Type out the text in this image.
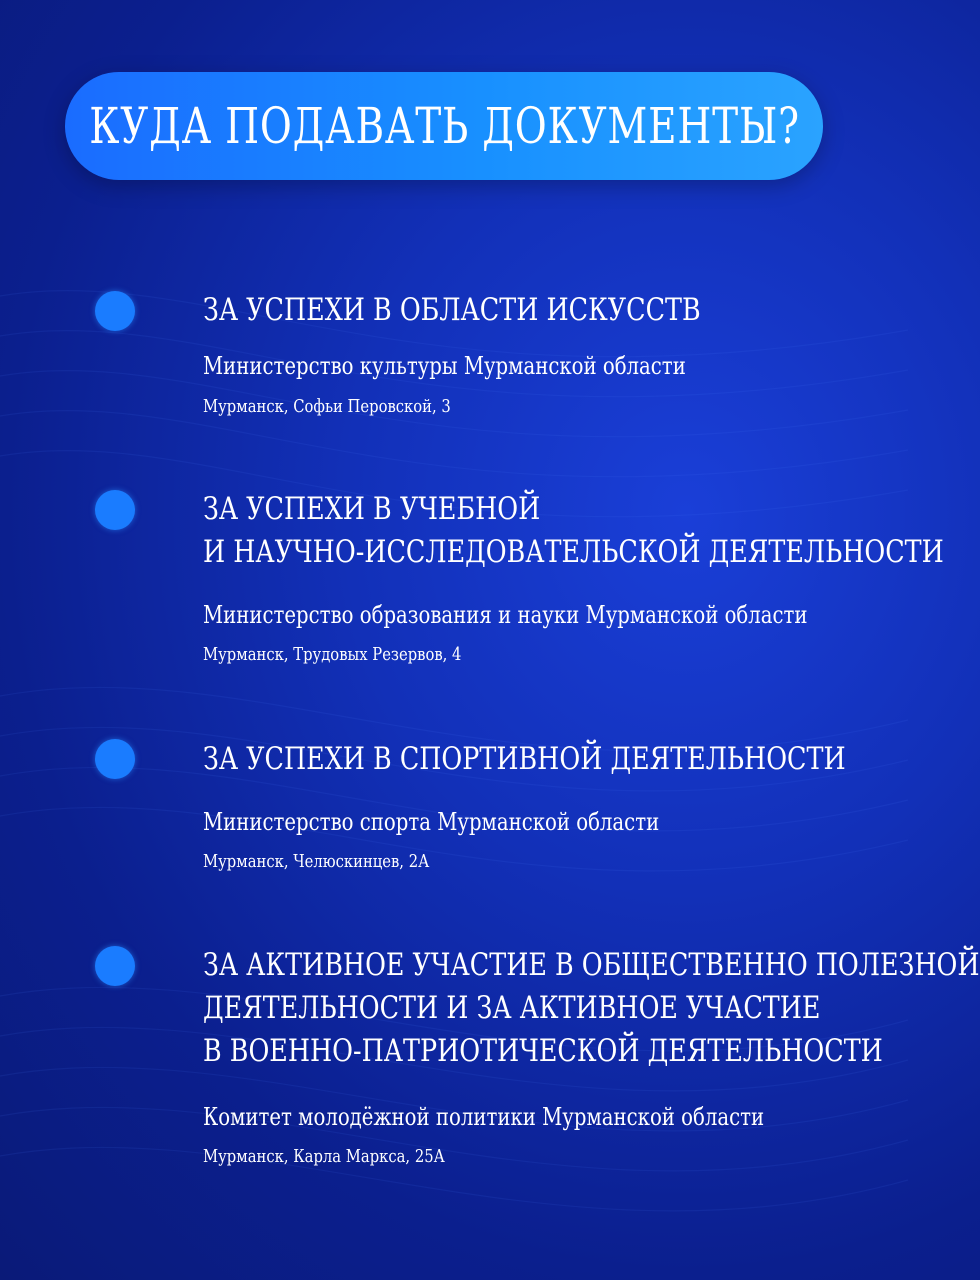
КУДА ПОДАВАТЬ ДОКУМЕНТЫ?
ЗА УСПЕХИ В ОБЛАСТИ ИСКУССТВ
Министерство культуры Мурманской области
Мурманск, Софьи Перовской, 3
ЗА УСПЕХИ В УЧЕБНОЙ
И НАУЧНО-ИССЛЕДОВАТЕЛЬСКОЙ ДЕЯТЕЛЬНОСТИ
Министерство образования и науки Мурманской области
Мурманск, Трудовых Резервов, 4
ЗА УСПЕХИ В СПОРТИВНОЙ ДЕЯТЕЛЬНОСТИ
Министерство спорта Мурманской области
Мурманск, Челюскинцев, 2А
ЗА АКТИВНОЕ УЧАСТИЕ В ОБЩЕСТВЕННО ПОЛЕЗНОЙ
ДЕЯТЕЛЬНОСТИ И ЗА АКТИВНОЕ УЧАСТИЕ
В ВОЕННО-ПАТРИОТИЧЕСКОЙ ДЕЯТЕЛЬНОСТИ
Комитет молодёжной политики Мурманской области
Мурманск, Карла Маркса, 25А
